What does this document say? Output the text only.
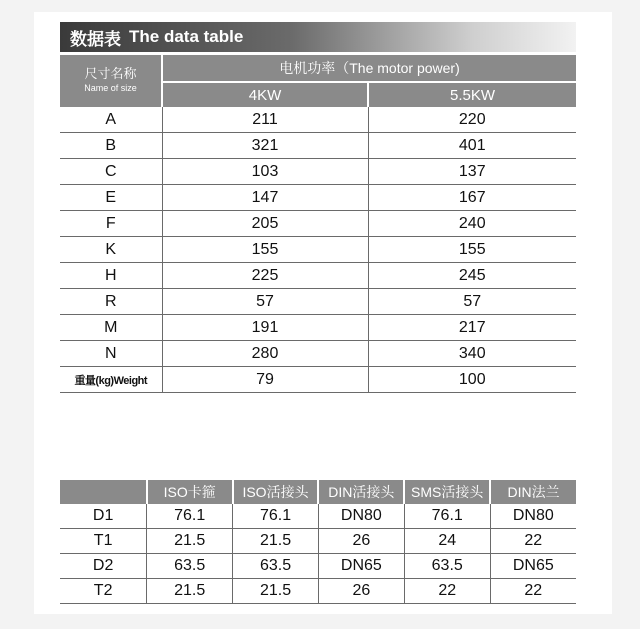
数据表 The data table
尺寸名称
Name of size	电机功率（The motor power)	
	4KW	5.5KW
A	211	220
B	321	401
C	103	137
E	147	167
F	205	240
K	155	155
H	225	245
R	57	57
M	191	217
N	280	340
重量(kg)Weight	79	100
	ISO卡箍	ISO活接头	DIN活接头	SMS活接头	DIN法兰
D1	76.1	76.1	DN80	76.1	DN80
T1	21.5	21.5	26	24	22
D2	63.5	63.5	DN65	63.5	DN65
T2	21.5	21.5	26	22	22
